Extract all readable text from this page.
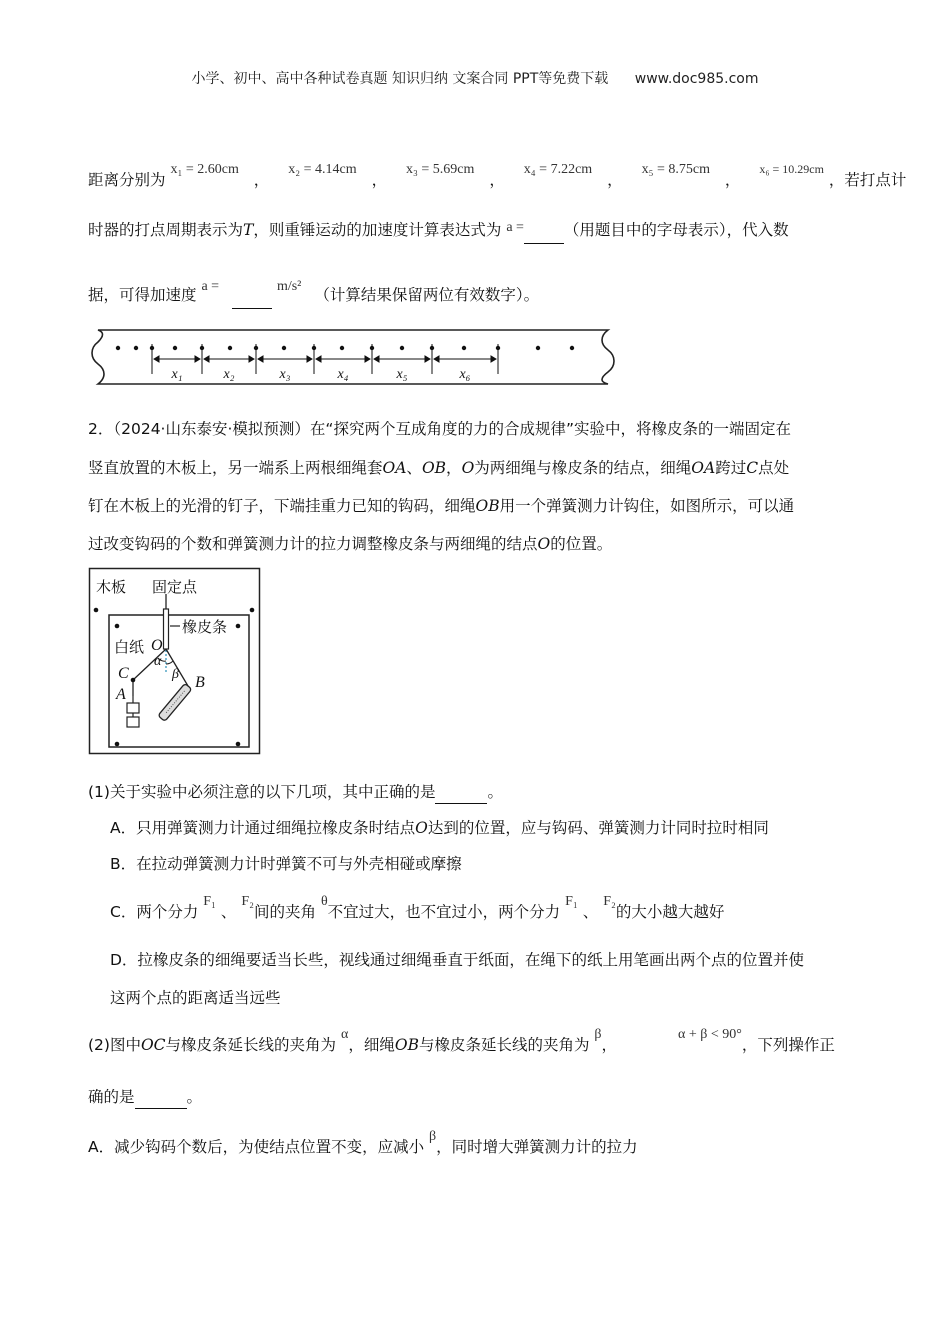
小学、初中、高中各种试卷真题 知识归纳 文案合同 PPT等免费下载 www.doc985.com
距离分别为 x₁ = 2.60cm ， x₂ = 4.14cm ， x₃ = 5.69cm ， x₄ = 7.22cm ， x₅ = 8.75cm ， $^{x_6 = 10.29cm}$ ，若打点计
时器的打点周期表示为T，则重锤运动的加速度计算表达式为 a =	（用题目中的字母表示），代入数
据，可得加速度 a =	m/s² （计算结果保留两位有效数字）。
x₁	x₂	x₃	x₄	x₅	x₆
2．（2024·山东泰安·模拟预测）在“探究两个互成角度的力的合成规律”实验中，将橡皮条的一端固定在
竖直放置的木板上，另一端系上两根细绳套OA、OB，O为两细绳与橡皮条的结点，细绳OA跨过C点处
钉在木板上的光滑的钉子，下端挂重力已知的钩码，细绳OB用一个弹簧测力计钩住，如图所示，可以通
过改变钩码的个数和弹簧测力计的拉力调整橡皮条与两细绳的结点O的位置。
木板 固定点
橡皮条
白纸 O
C
A
B
α
β
(1)关于实验中必须注意的以下几项，其中正确的是	。
A．只用弹簧测力计通过细绳拉橡皮条时结点O达到的位置，应与钩码、弹簧测力计同时拉时相同
B．在拉动弹簧测力计时弹簧不可与外壳相碰或摩擦
C．两个分力 F₁ 、 F₂间的夹角 θ不宜过大，也不宜过小，两个分力 F₁ 、 F₂的大小越大越好
D．拉橡皮条的细绳要适当长些，视线通过细绳垂直于纸面，在绳下的纸上用笔画出两个点的位置并使
这两个点的距离适当远些
(2)图中OC与橡皮条延长线的夹角为 α，细绳OB与橡皮条延长线的夹角为 β， α + β < 90°，下列操作正
确的是	。
A．减少钩码个数后，为使结点位置不变，应减小 β，同时增大弹簧测力计的拉力
